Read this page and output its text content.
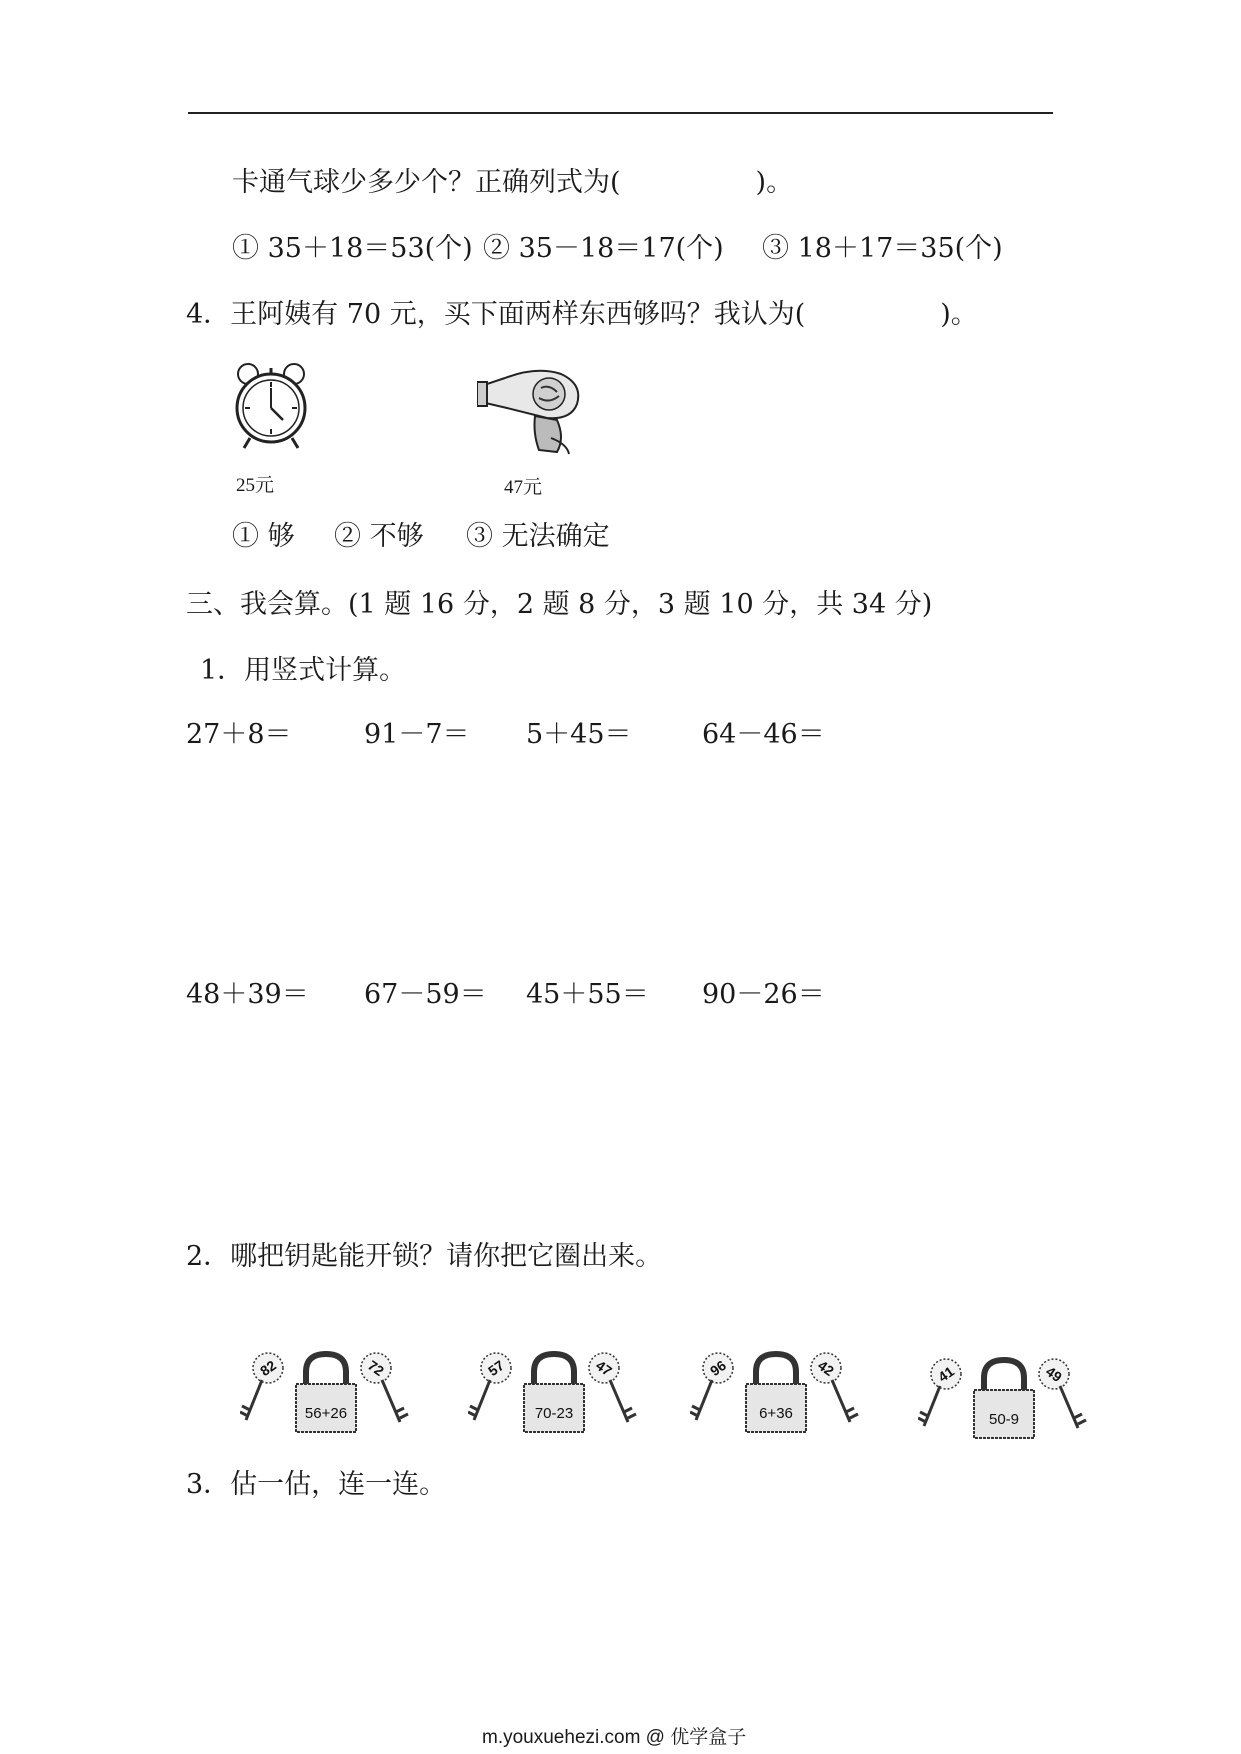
卡通气球少多少个？正确列式为(　　　　　)。
① 35＋18＝53(个) ② 35－18＝17(个) ③ 18＋17＝35(个)
4．王阿姨有 70 元，买下面两样东西够吗？我认为(　　　　　)。
25元	47元
① 够 ② 不够 ③ 无法确定
三、我会算。(1 题 16 分，2 题 8 分，3 题 10 分，共 34 分)
1．用竖式计算。
27＋8＝	91－7＝ 5＋45＝	64－46＝
48＋39＝ 67－59＝ 45＋55＝ 90－26＝
2．哪把钥匙能开锁？请你把它圈出来。
82
56+26
72	57
70-23
47	96
6+36
42	41
50-9
49
3．估一估，连一连。
m.youxuehezi.com @ 优学盒子
